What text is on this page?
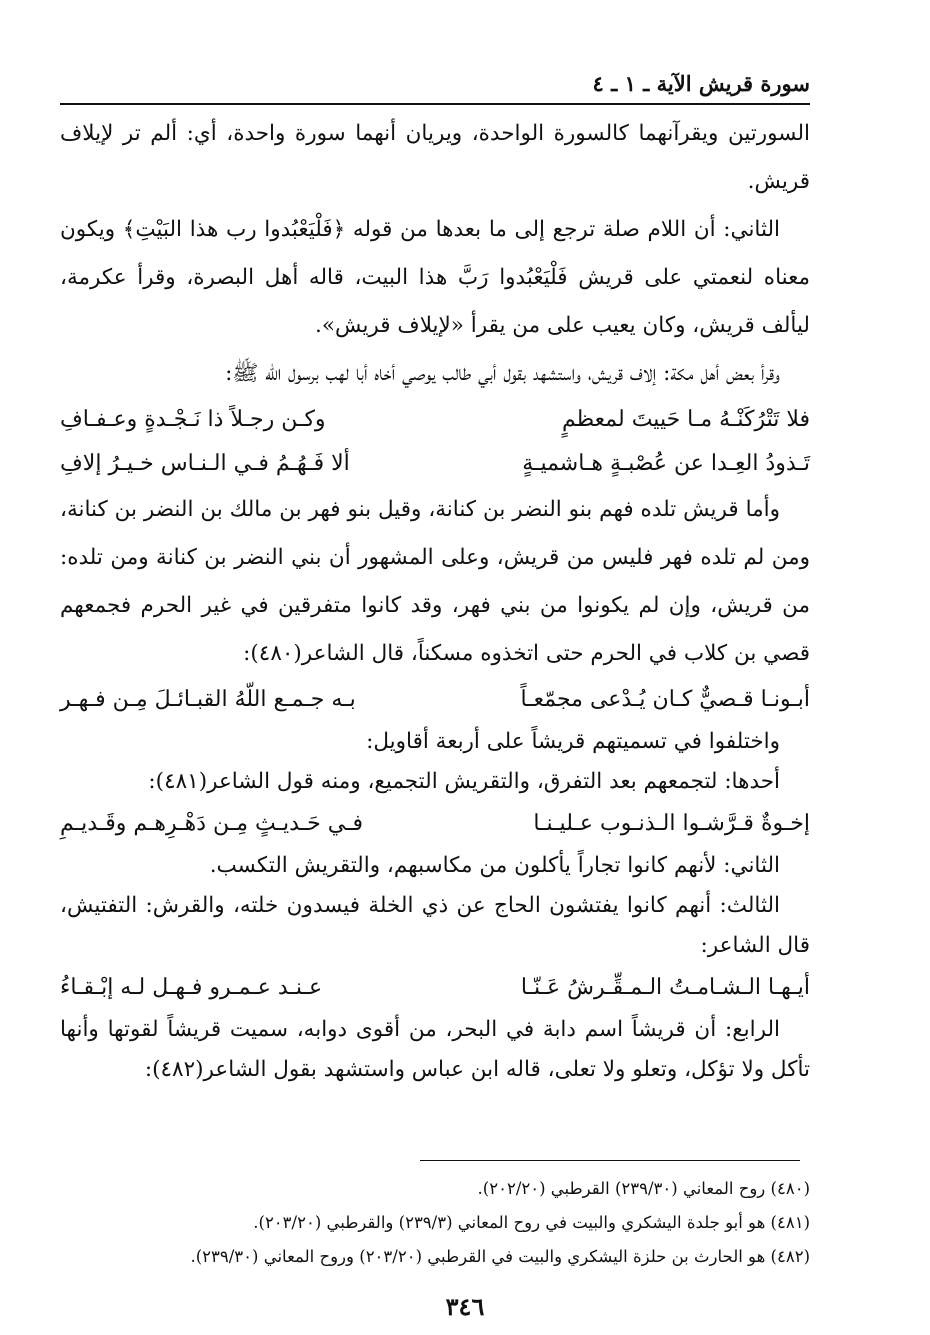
سورة قريش الآية ـ ١ ـ ٤

السورتين ويقرآنهما كالسورة الواحدة، ويريان أنهما سورة واحدة، أي: ألم تر لإيلاف قريش.

الثاني: أن اللام صلة ترجع إلى ما بعدها من قوله ﴿فَلْيَعْبُدوا رب هذا البَيْتِ﴾ ويكون معناه لنعمتي على قريش فَلْيَعْبُدوا رَبَّ هذا البيت، قاله أهل البصرة، وقرأ عكرمة، ليألف قريش، وكان يعيب على من يقرأ «لإيلاف قريش».

وقرأ بعض أهل مكة: إلاف قريش، واستشهد بقول أبي طالب يوصي أخاه أبا لهب برسول اللّه ﷺ:

فلا تَتْرُكَنْـهُ مـا حَييتَ لمعظمٍ
وكـن رجـلاً ذا نَـجْـدةٍ وعـفـافِ
تَـذودُ العِـدا عن عُصْبـةٍ هـاشميـةٍ
ألا فَـهُـمُ فـي الـنـاس خـيـرُ إلافِ

وأما قريش تلده فهم بنو النضر بن كنانة، وقيل بنو فهر بن مالك بن النضر بن كنانة، ومن لم تلده فهر فليس من قريش، وعلى المشهور أن بني النضر بن كنانة ومن تلده: من قريش، وإن لم يكونوا من بني فهر، وقد كانوا متفرقين في غير الحرم فجمعهم قصي بن كلاب في الحرم حتى اتخذوه مسكناً، قال الشاعر(٤٨٠):

أبـونـا قـصيٌّ كـان يُـدْعى مجمّعـاً
بـه جـمـع اللّهُ القبـائـلَ مِـن فـهـر

واختلفوا في تسميتهم قريشاً على أربعة أقاويل:

أحدها: لتجمعهم بعد التفرق، والتقريش التجميع، ومنه قول الشاعر(٤٨١):

إخـوةٌ قـرَّشـوا الـذنـوب عـليـنـا
فـي حَـديـثٍ مِـن دَهْـرِهـم وقَـديـمِ

الثاني: لأنهم كانوا تجاراً يأكلون من مكاسبهم، والتقريش التكسب.

الثالث: أنهم كانوا يفتشون الحاج عن ذي الخلة فيسدون خلته، والقرش: التفتيش، قال الشاعر:

أيـهـا الـشـامـتُ الـمـقِّـرشُ عَـنّـا
عـنـد عـمـرو فـهـل لـه إبْـقـاءُ

الرابع: أن قريشاً اسم دابة في البحر، من أقوى دوابه، سميت قريشاً لقوتها وأنها تأكل ولا تؤكل، وتعلو ولا تعلى، قاله ابن عباس واستشهد بقول الشاعر(٤٨٢):

(٤٨٠) روح المعاني (٢٣٩/٣٠) القرطبي (٢٠٢/٢٠).

(٤٨١) هو أبو جلدة اليشكري والبيت في روح المعاني (٢٣٩/٣) والقرطبي (٢٠٣/٢٠).

(٤٨٢) هو الحارث بن حلزة اليشكري والبيت في القرطبي (٢٠٣/٢٠) وروح المعاني (٢٣٩/٣٠).

٣٤٦
